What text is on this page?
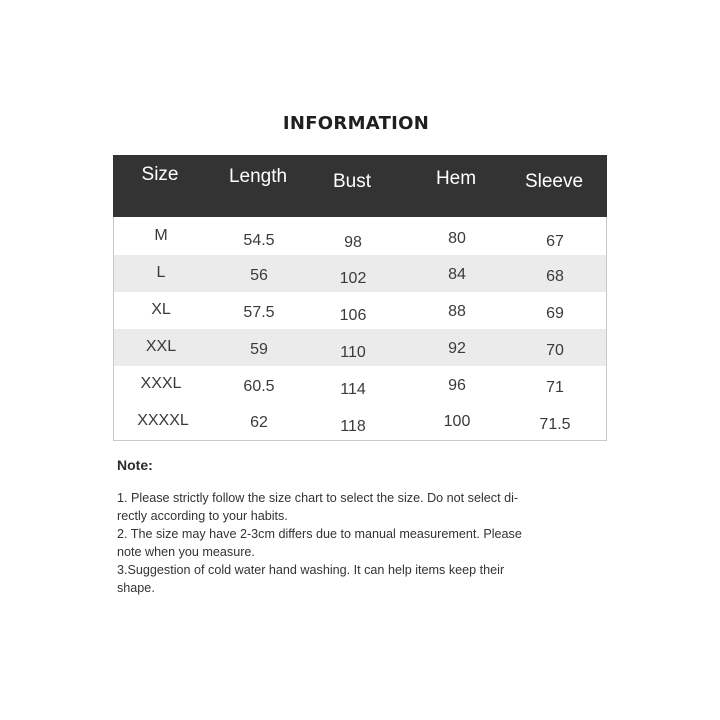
INFORMATION
Size	Length Bust	Hem	Sleeve
M	54.5	98	80	67
L	56	102	84	68
XL	57.5	106	88	69
XXL	59	110	92	70
XXXL	60.5	114	96	71
XXXXL	62	118	100	71.5
Note:
1. Please strictly follow the size chart to select the size. Do not select di-
rectly according to your habits.
2. The size may have 2-3cm differs due to manual measurement. Please
note when you measure.
3.Suggestion of cold water hand washing. It can help items keep their
shape.
